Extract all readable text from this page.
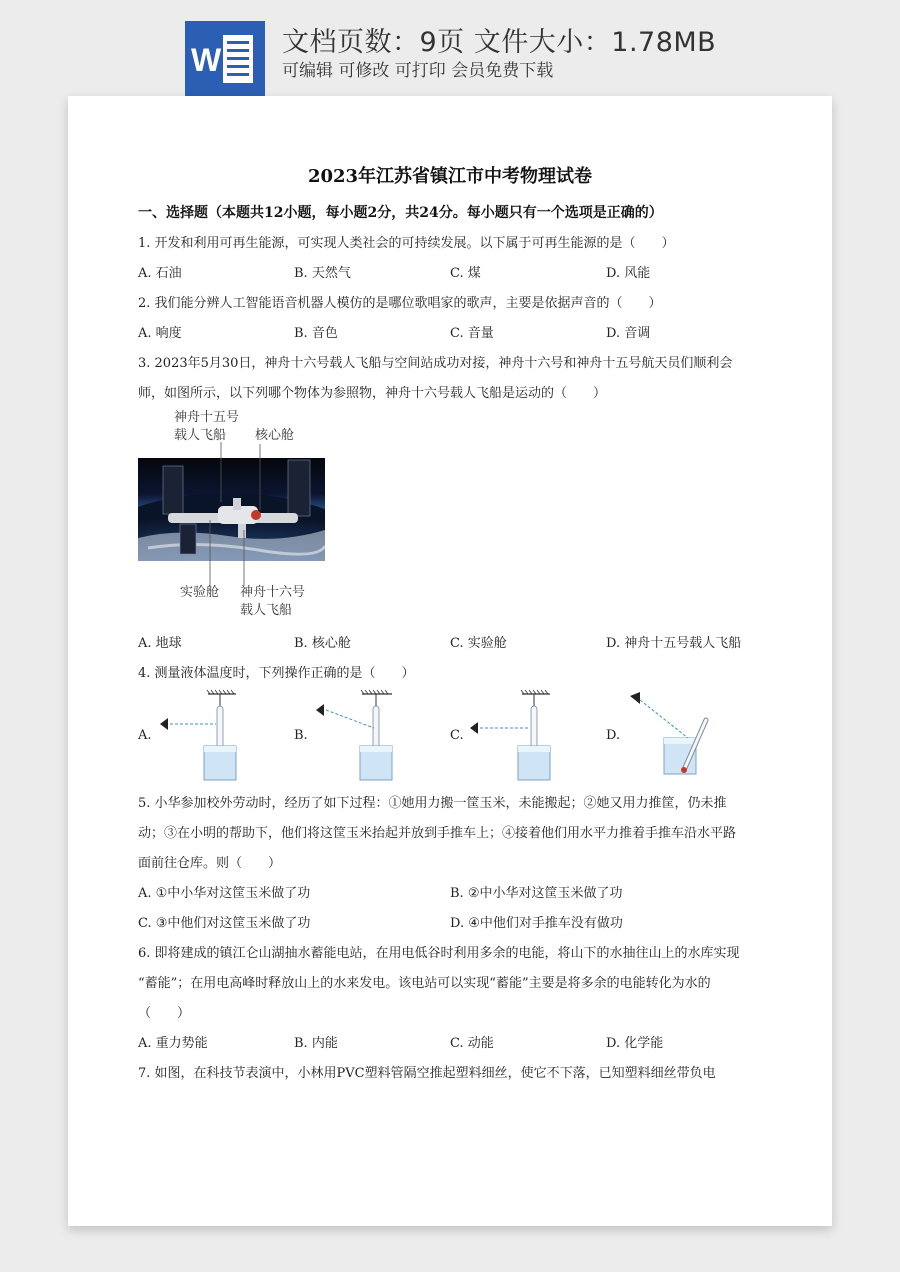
W 文档页数：9页 文件大小：1.78MB
可编辑 可修改 可打印 会员免费下载
2023年江苏省镇江市中考物理试卷
一、选择题（本题共12小题，每小题2分，共24分。每小题只有一个选项是正确的）
1. 开发和利用可再生能源，可实现人类社会的可持续发展。以下属于可再生能源的是（　　）
A. 石油	B. 天然气	C. 煤	D. 风能
2. 我们能分辨人工智能语音机器人模仿的是哪位歌唱家的歌声，主要是依据声音的（　　）
A. 响度	B. 音色	C. 音量	D. 音调
3. 2023年5月30日，神舟十六号载人飞船与空间站成功对接，神舟十六号和神舟十五号航天员们顺利会
师，如图所示，以下列哪个物体为参照物，神舟十六号载人飞船是运动的（　　）
神舟十五号
载人飞船	核心舱
实验舱 神舟十六号
载人飞船
A. 地球	B. 核心舱	C. 实验舱	D. 神舟十五号载人飞船
4. 测量液体温度时，下列操作正确的是（　　）
A.	B.	C.	D.
5. 小华参加校外劳动时，经历了如下过程：①她用力搬一筐玉米，未能搬起；②她又用力推筐，仍未推
动；③在小明的帮助下，他们将这筐玉米抬起并放到手推车上；④接着他们用水平力推着手推车沿水平路
面前往仓库。则（　　）
A. ①中小华对这筐玉米做了功	B. ②中小华对这筐玉米做了功
C. ③中他们对这筐玉米做了功	D. ④中他们对手推车没有做功
6. 即将建成的镇江仑山湖抽水蓄能电站，在用电低谷时利用多余的电能，将山下的水抽往山上的水库实现
“蓄能”；在用电高峰时释放山上的水来发电。该电站可以实现“蓄能”主要是将多余的电能转化为水的
（　　）
A. 重力势能	B. 内能	C. 动能	D. 化学能
7. 如图，在科技节表演中，小林用PVC塑料管隔空推起塑料细丝，使它不下落，已知塑料细丝带负电
